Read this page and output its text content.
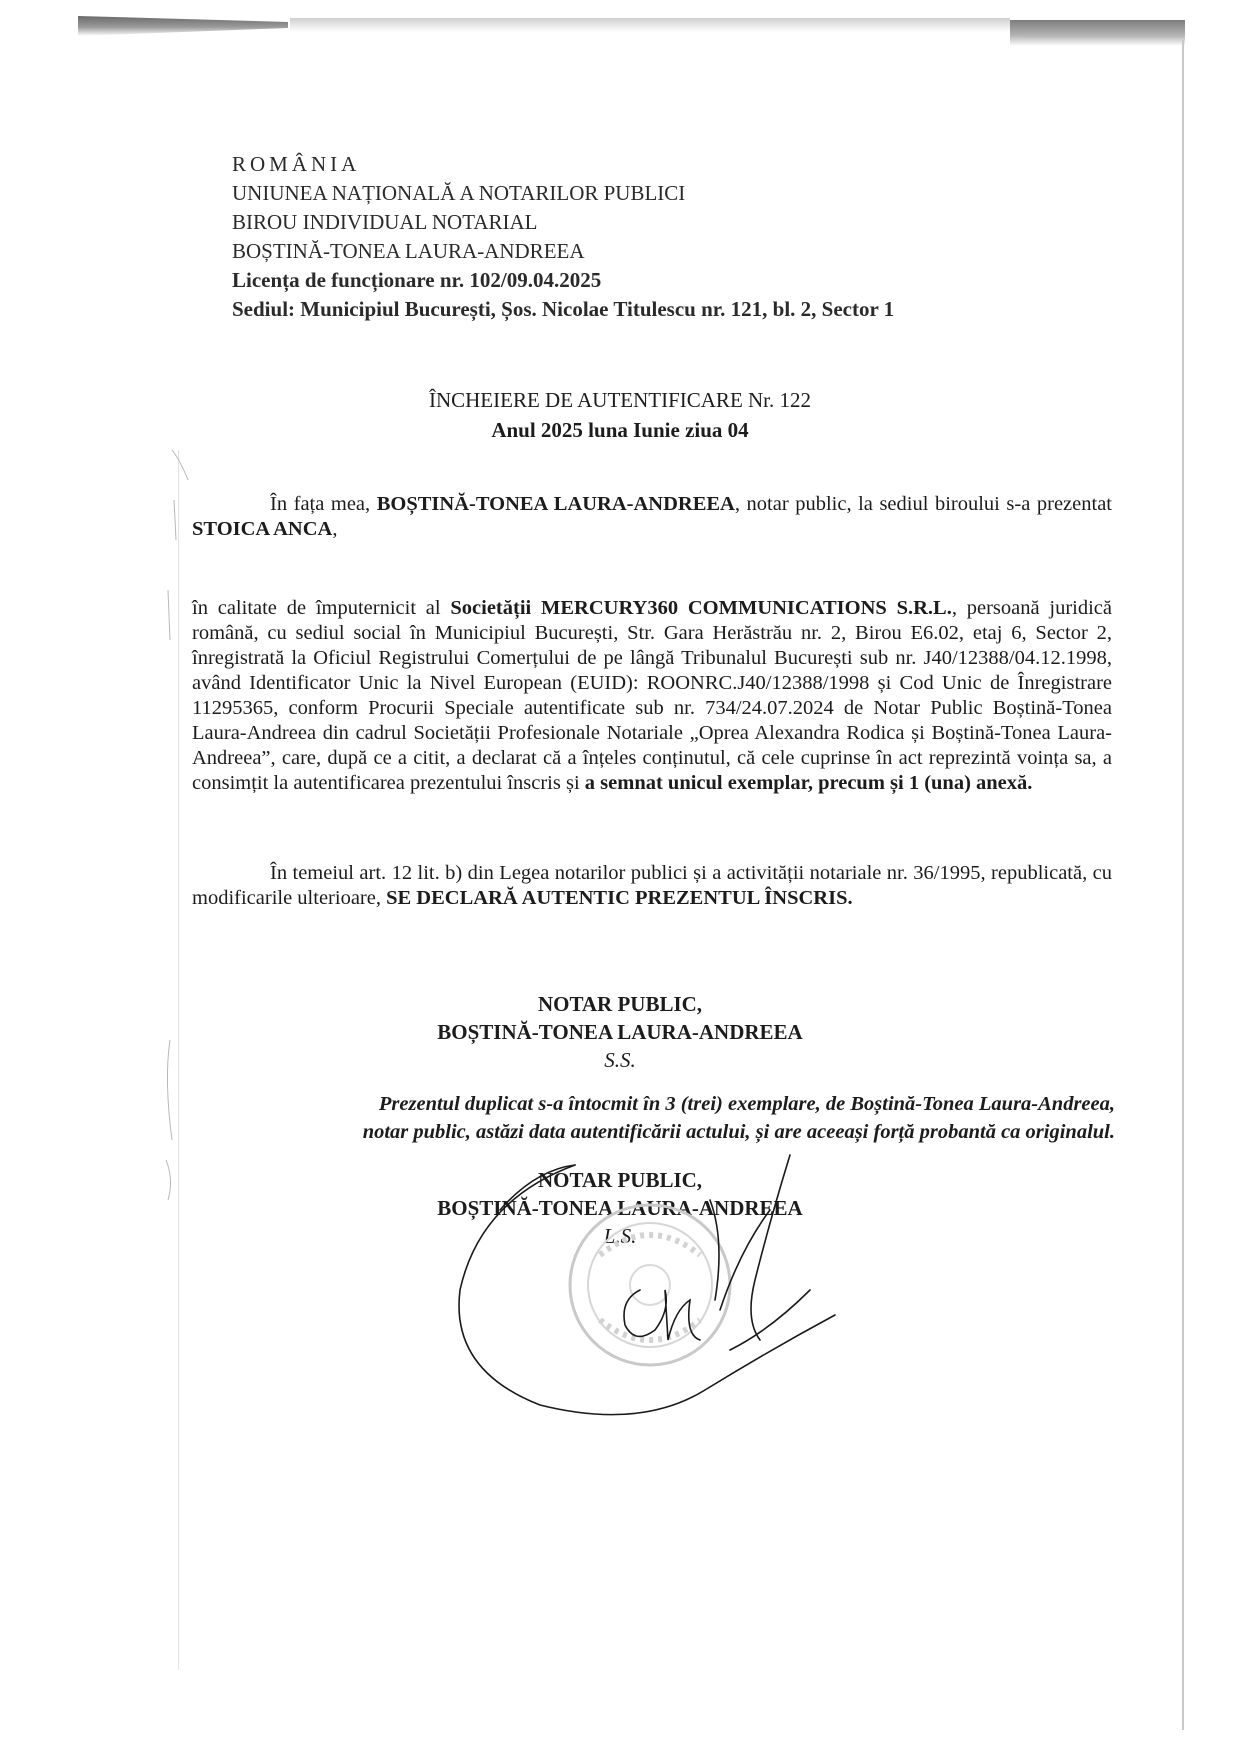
ROMÂNIA
UNIUNEA NAȚIONALĂ A NOTARILOR PUBLICI
BIROU INDIVIDUAL NOTARIAL
BOȘTINĂ-TONEA LAURA-ANDREEA
Licența de funcționare nr. 102/09.04.2025
Sediul: Municipiul București, Șos. Nicolae Titulescu nr. 121, bl. 2, Sector 1
ÎNCHEIERE DE AUTENTIFICARE Nr. 122
Anul 2025 luna Iunie ziua 04
În fața mea, BOȘTINĂ-TONEA LAURA-ANDREEA, notar public, la sediul biroului s-a prezentat STOICA ANCA,
în calitate de împuternicit al Societății MERCURY360 COMMUNICATIONS S.R.L., persoană juridică română, cu sediul social în Municipiul București, Str. Gara Herăstrău nr. 2, Birou E6.02, etaj 6, Sector 2, înregistrată la Oficiul Registrului Comerțului de pe lângă Tribunalul București sub nr. J40/12388/04.12.1998, având Identificator Unic la Nivel European (EUID): ROONRC.J40/12388/1998 și Cod Unic de Înregistrare 11295365, conform Procurii Speciale autentificate sub nr. 734/24.07.2024 de Notar Public Boștină-Tonea Laura-Andreea din cadrul Societății Profesionale Notariale „Oprea Alexandra Rodica și Boștină-Tonea Laura-Andreea”, care, după ce a citit, a declarat că a înțeles conținutul, că cele cuprinse în act reprezintă voința sa, a consimțit la autentificarea prezentului înscris și a semnat unicul exemplar, precum și 1 (una) anexă.
În temeiul art. 12 lit. b) din Legea notarilor publici și a activității notariale nr. 36/1995, republicată, cu modificarile ulterioare, SE DECLARĂ AUTENTIC PREZENTUL ÎNSCRIS.
NOTAR PUBLIC,
BOȘTINĂ-TONEA LAURA-ANDREEA
S.S.
Prezentul duplicat s-a întocmit în 3 (trei) exemplare, de Boștină-Tonea Laura-Andreea,
notar public, astăzi data autentificării actului, și are aceeași forță probantă ca originalul.
NOTAR PUBLIC,
BOȘTINĂ-TONEA LAURA-ANDREEA
L.S.
